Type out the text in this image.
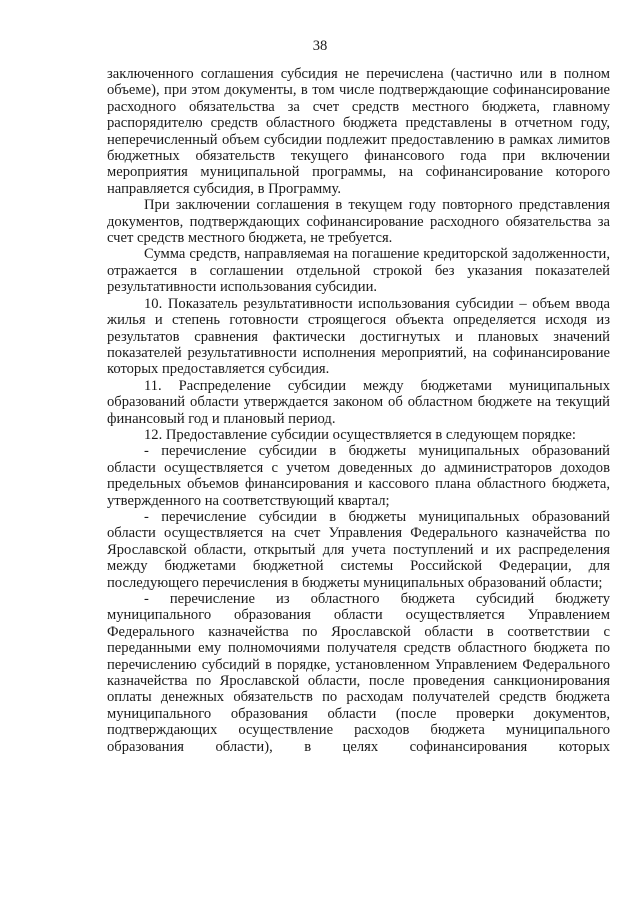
38

заключенного соглашения субсидия не перечислена (частично или в полном объеме), при этом документы, в том числе подтверждающие софинансирование расходного обязательства за счет средств местного бюджета, главному распорядителю средств областного бюджета представлены в отчетном году, неперечисленный объем субсидии подлежит предоставлению в рамках лимитов бюджетных обязательств текущего финансового года при включении мероприятия муниципальной программы, на софинансирование которого направляется субсидия, в Программу.

При заключении соглашения в текущем году повторного представления документов, подтверждающих софинансирование расходного обязательства за счет средств местного бюджета, не требуется.

Сумма средств, направляемая на погашение кредиторской задолженности, отражается в соглашении отдельной строкой без указания показателей результативности использования субсидии.

10. Показатель результативности использования субсидии – объем ввода жилья и степень готовности строящегося объекта определяется исходя из результатов сравнения фактически достигнутых и плановых значений показателей результативности исполнения мероприятий, на софинансирование которых предоставляется субсидия.

11. Распределение субсидии между бюджетами муниципальных образований области утверждается законом об областном бюджете на текущий финансовый год и плановый период.

12. Предоставление субсидии осуществляется в следующем порядке:

- перечисление субсидии в бюджеты муниципальных образований области осуществляется с учетом доведенных до администраторов доходов предельных объемов финансирования и кассового плана областного бюджета, утвержденного на соответствующий квартал;

- перечисление субсидии в бюджеты муниципальных образований области осуществляется на счет Управления Федерального казначейства по Ярославской области, открытый для учета поступлений и их распределения между бюджетами бюджетной системы Российской Федерации, для последующего перечисления в бюджеты муниципальных образований области;

- перечисление из областного бюджета субсидий бюджету муниципального образования области осуществляется Управлением Федерального казначейства по Ярославской области в соответствии с переданными ему полномочиями получателя средств областного бюджета по перечислению субсидий в порядке, установленном Управлением Федерального казначейства по Ярославской области, после проведения санкционирования оплаты денежных обязательств по расходам получателей средств бюджета муниципального образования области (после проверки документов, подтверждающих осуществление расходов бюджета муниципального образования области), в целях софинансирования которых
